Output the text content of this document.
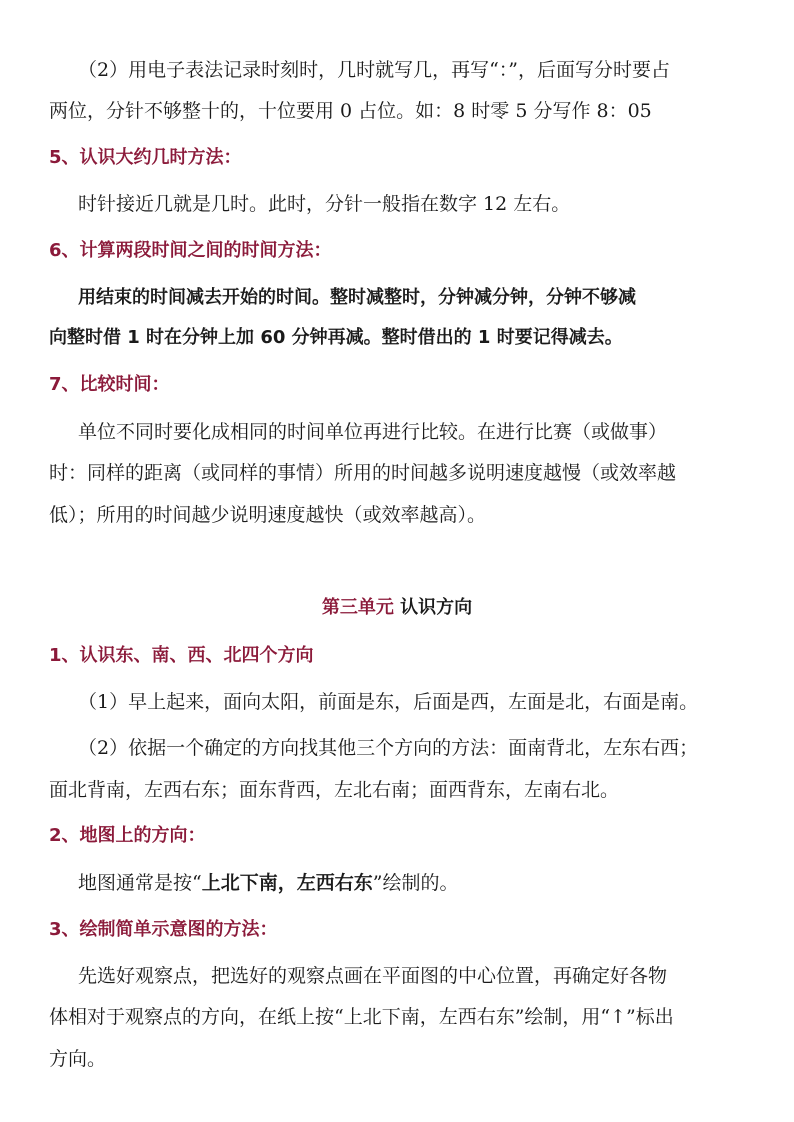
（2）用电子表法记录时刻时，几时就写几，再写“：”，后面写分时要占

两位，分针不够整十的，十位要用 0 占位。如：8 时零 5 分写作 8：05

5、认识大约几时方法：

时针接近几就是几时。此时，分针一般指在数字 12 左右。

6、计算两段时间之间的时间方法：

用结束的时间减去开始的时间。整时减整时，分钟减分钟，分钟不够减

向整时借 1 时在分钟上加 60 分钟再减。整时借出的 1 时要记得减去。

7、比较时间：

单位不同时要化成相同的时间单位再进行比较。在进行比赛（或做事）

时：同样的距离（或同样的事情）所用的时间越多说明速度越慢（或效率越

低）；所用的时间越少说明速度越快（或效率越高）。

第三单元 认识方向
1、认识东、南、西、北四个方向

（1）早上起来，面向太阳，前面是东，后面是西，左面是北，右面是南。

（2）依据一个确定的方向找其他三个方向的方法：面南背北，左东右西；

面北背南，左西右东；面东背西，左北右南；面西背东，左南右北。

2、地图上的方向：

地图通常是按“上北下南，左西右东”绘制的。

3、绘制简单示意图的方法：

先选好观察点，把选好的观察点画在平面图的中心位置，再确定好各物

体相对于观察点的方向，在纸上按“上北下南，左西右东”绘制，用“↑”标出

方向。
